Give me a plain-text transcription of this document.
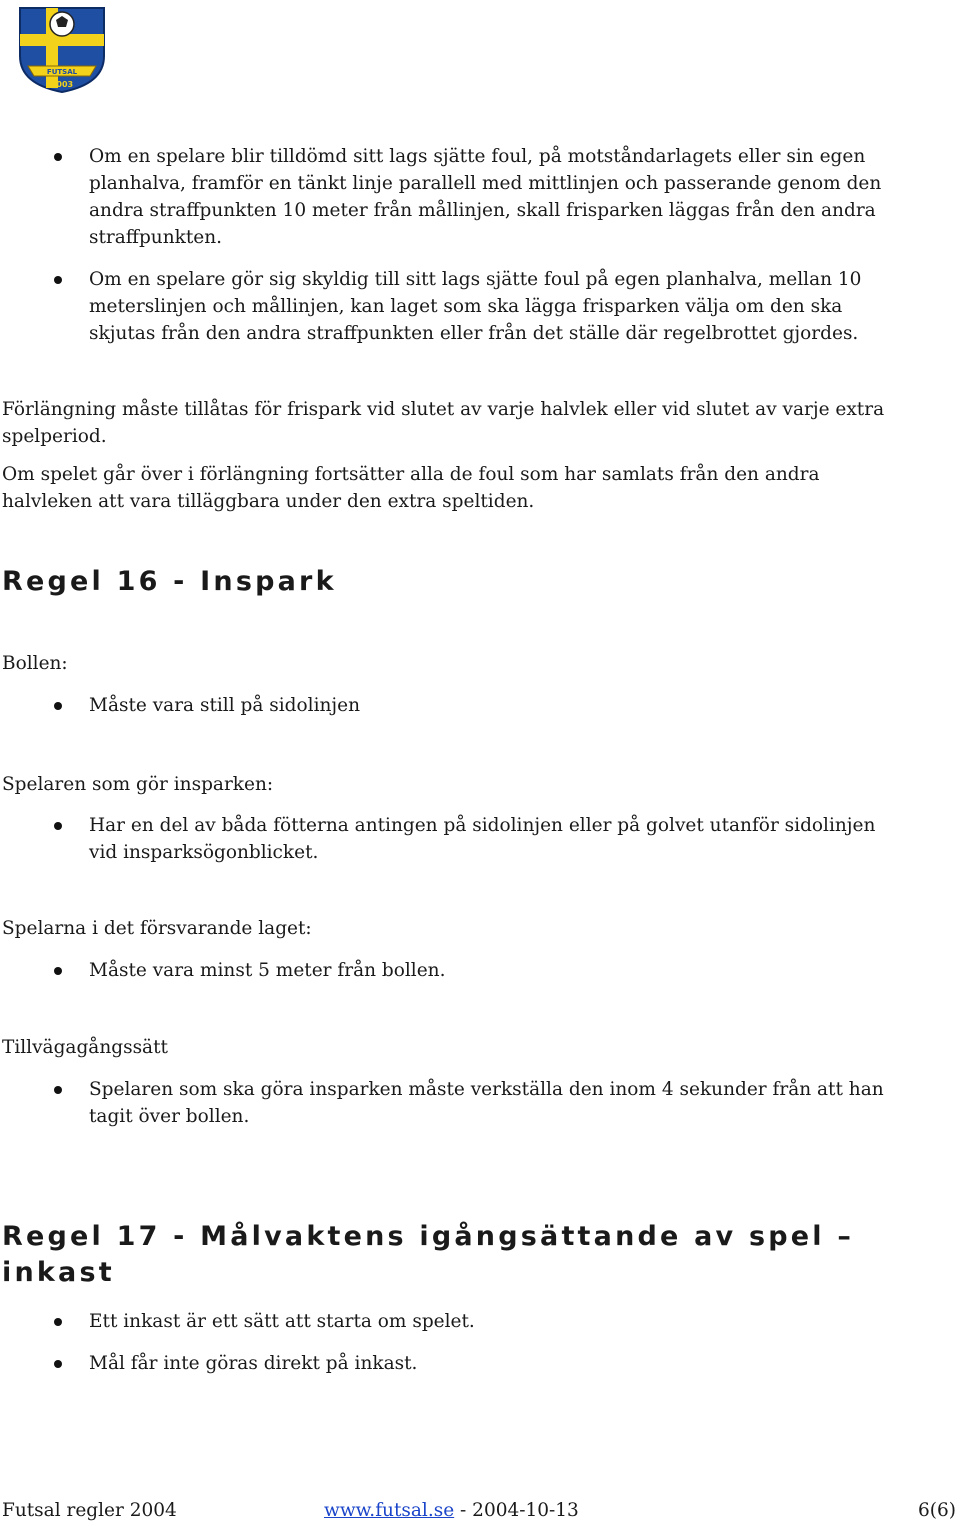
FUTSAL
2003
Om en spelare blir tilldömd sitt lags sjätte foul, på motståndarlagets eller sin egen planhalva, framför en tänkt linje parallell med mittlinjen och passerande genom den andra straffpunkten 10 meter från mållinjen, skall frisparken läggas från den andra straffpunkten.
Om en spelare gör sig skyldig till sitt lags sjätte foul på egen planhalva, mellan 10 meterslinjen och mållinjen, kan laget som ska lägga frisparken välja om den ska skjutas från den andra straffpunkten eller från det ställe där regelbrottet gjordes.
Förlängning måste tillåtas för frispark vid slutet av varje halvlek eller vid slutet av varje extra spelperiod.
Om spelet går över i förlängning fortsätter alla de foul som har samlats från den andra halvleken att vara tilläggbara under den extra speltiden.
Regel 16 - Inspark
Bollen:
Måste vara still på sidolinjen
Spelaren som gör insparken:
Har en del av båda fötterna antingen på sidolinjen eller på golvet utanför sidolinjen vid insparksögonblicket.
Spelarna i det försvarande laget:
Måste vara minst 5 meter från bollen.
Tillvägagångssätt
Spelaren som ska göra insparken måste verkställa den inom 4 sekunder från att han tagit över bollen.
Regel 17 - Målvaktens igångsättande av spel – inkast
Ett inkast är ett sätt att starta om spelet.
Mål får inte göras direkt på inkast.
Futsal regler 2004	www.futsal.se - 2004-10-13	6(6)
